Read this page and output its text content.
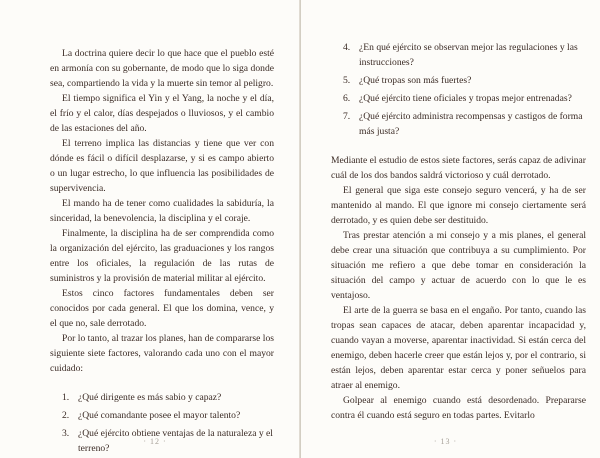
La doctrina quiere decir lo que hace que el pueblo esté en armonía con su gobernante, de modo que lo siga donde sea, compartiendo la vida y la muerte sin temor al peligro.

El tiempo significa el Yin y el Yang, la noche y el día, el frío y el calor, días despejados o lluviosos, y el cambio de las estaciones del año.

El terreno implica las distancias y tiene que ver con dónde es fácil o difícil desplazarse, y si es campo abierto o un lugar estrecho, lo que influencia las posibilidades de supervivencia.

El mando ha de tener como cualidades la sabiduría, la sinceridad, la benevolencia, la disciplina y el coraje.

Finalmente, la disciplina ha de ser comprendida como la organización del ejército, las graduaciones y los rangos entre los oficiales, la regulación de las rutas de suministros y la provisión de material militar al ejército.

Estos cinco factores fundamentales deben ser conocidos por cada general. El que los domina, vence, y el que no, sale derrotado.

Por lo tanto, al trazar los planes, han de compararse los siguiente siete factores, valorando cada uno con el mayor cuidado:

1. ¿Qué dirigente es más sabio y capaz?
2. ¿Qué comandante posee el mayor talento?
3. ¿Qué ejército obtiene ventajas de la naturaleza y el terreno?
· 12 ·
4. ¿En qué ejército se observan mejor las regulaciones y las instrucciones?
5. ¿Qué tropas son más fuertes?
6. ¿Qué ejército tiene oficiales y tropas mejor entrenadas?
7. ¿Qué ejército administra recompensas y castigos de forma más justa?

Mediante el estudio de estos siete factores, serás capaz de adivinar cuál de los dos bandos saldrá victorioso y cuál derrotado.

El general que siga este consejo seguro vencerá, y ha de ser mantenido al mando. El que ignore mi consejo ciertamente será derrotado, y es quien debe ser destituido.

Tras prestar atención a mi consejo y a mis planes, el general debe crear una situación que contribuya a su cumplimiento. Por situación me refiero a que debe tomar en consideración la situación del campo y actuar de acuerdo con lo que le es ventajoso.

El arte de la guerra se basa en el engaño. Por tanto, cuando las tropas sean capaces de atacar, deben aparentar incapacidad y, cuando vayan a moverse, aparentar inactividad. Si están cerca del enemigo, deben hacerle creer que están lejos y, por el contrario, si están lejos, deben aparentar estar cerca y poner señuelos para atraer al enemigo.

Golpear al enemigo cuando está desordenado. Prepararse contra él cuando está seguro en todas partes. Evitarlo

· 13 ·
